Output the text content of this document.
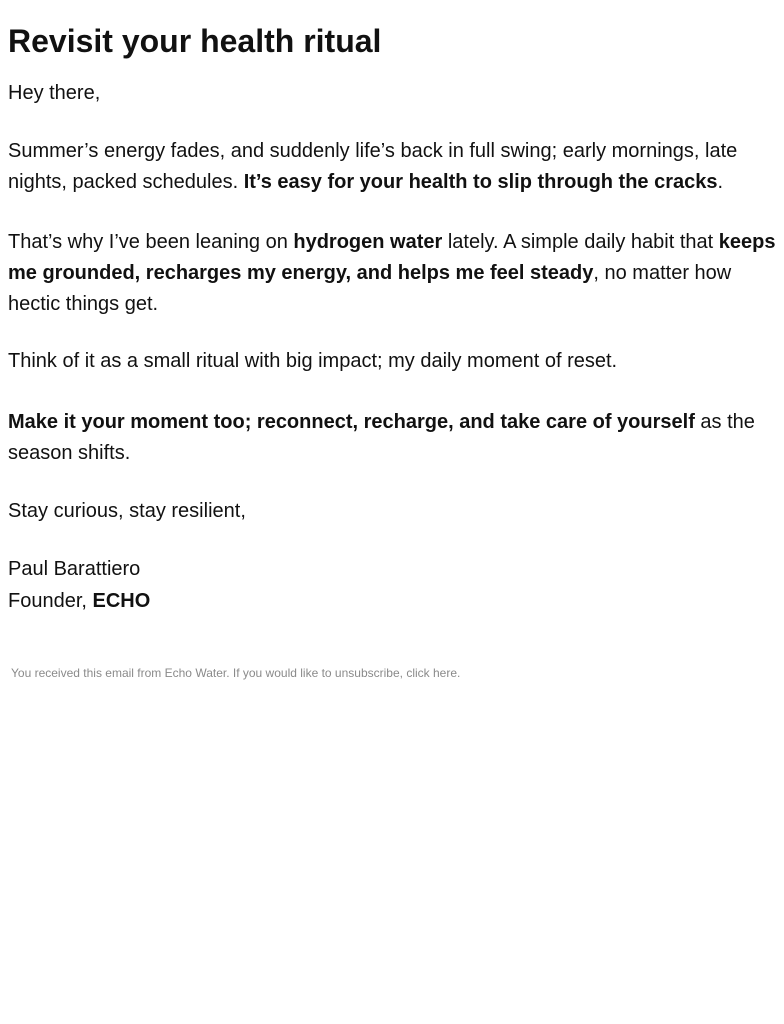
Revisit your health ritual

Hey there,

Summer’s energy fades, and suddenly life’s back in full swing; early mornings, late nights, packed schedules. It’s easy for your health to slip through the cracks.

That’s why I’ve been leaning on hydrogen water lately. A simple daily habit that keeps me grounded, recharges my energy, and helps me feel steady, no matter how hectic things get.

Think of it as a small ritual with big impact; my daily moment of reset.

Make it your moment too; reconnect, recharge, and take care of yourself as the season shifts.

Stay curious, stay resilient,

Paul Barattiero

Founder, ECHO

You received this email from Echo Water. If you would like to unsubscribe, click here.
